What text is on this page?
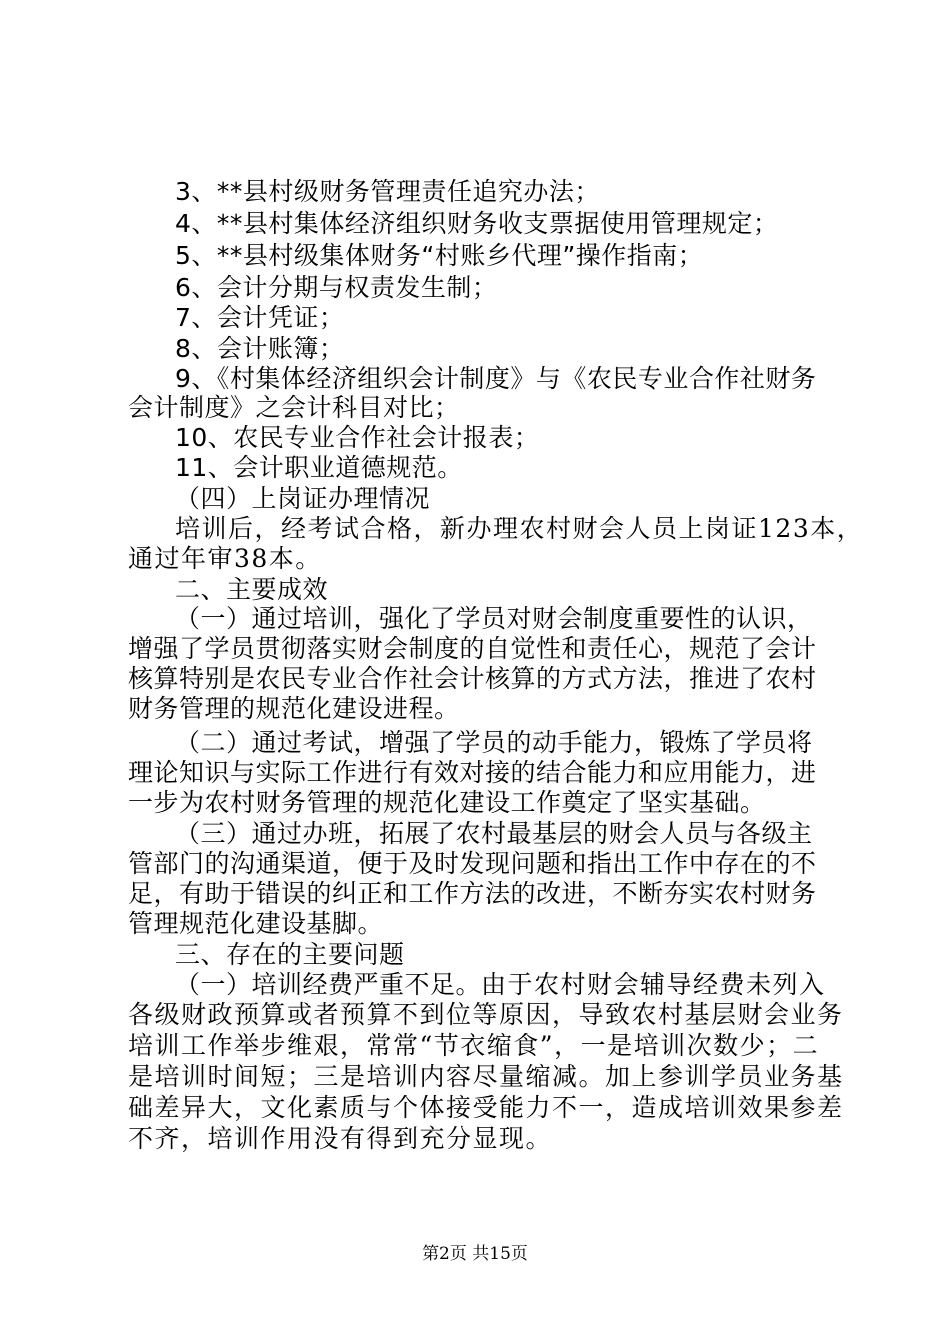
3、**县村级财务管理责任追究办法；
4、**县村集体经济组织财务收支票据使用管理规定；
5、**县村级集体财务“村账乡代理”操作指南；
6、会计分期与权责发生制；
7、会计凭证；
8、会计账簿；
9、《村集体经济组织会计制度》与《农民专业合作社财务
会计制度》之会计科目对比；
10、农民专业合作社会计报表；
11、会计职业道德规范。
（四）上岗证办理情况
培训后，经考试合格，新办理农村财会人员上岗证123本，
通过年审38本。
二、主要成效
（一）通过培训，强化了学员对财会制度重要性的认识，
增强了学员贯彻落实财会制度的自觉性和责任心，规范了会计
核算特别是农民专业合作社会计核算的方式方法，推进了农村
财务管理的规范化建设进程。
（二）通过考试，增强了学员的动手能力，锻炼了学员将
理论知识与实际工作进行有效对接的结合能力和应用能力，进
一步为农村财务管理的规范化建设工作奠定了坚实基础。
（三）通过办班，拓展了农村最基层的财会人员与各级主
管部门的沟通渠道，便于及时发现问题和指出工作中存在的不
足，有助于错误的纠正和工作方法的改进，不断夯实农村财务
管理规范化建设基脚。
三、存在的主要问题
（一）培训经费严重不足。由于农村财会辅导经费未列入
各级财政预算或者预算不到位等原因，导致农村基层财会业务
培训工作举步维艰，常常“节衣缩食”，一是培训次数少；二
是培训时间短；三是培训内容尽量缩减。加上参训学员业务基
础差异大，文化素质与个体接受能力不一，造成培训效果参差
不齐，培训作用没有得到充分显现。
第2页 共15页
